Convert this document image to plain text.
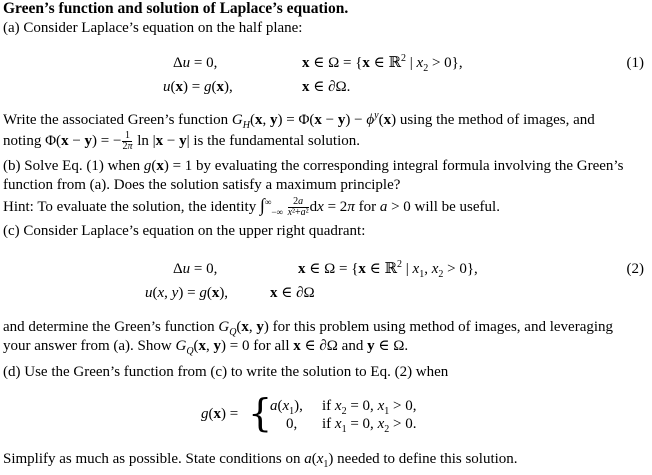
Green’s function and solution of Laplace’s equation.
(a) Consider Laplace’s equation on the half plane:
Δu = 0,	x ∈ Ω = {x ∈ ℝ$^2$ | $x_2 > 0$},	(1)
u(x) = g(x),	x ∈ ∂Ω.
Write the associated Green’s function $G_H(x$, $y) = \Phi(x - y) - \phi^y(x)$ using the method of images, and
noting Φ(x − y) = − $\frac{1}{2\pi}$ ln |x − y| is the fundamental solution.
(b) Solve Eq. (1) when g(x) = 1 by evaluating the corresponding integral formula involving the Green’s
function from (a). Does the solution satisfy a maximum principle?
Hint: To evaluate the solution, the identity $\int^\infty_{-\infty} \frac{2a}{\text{x²+a²}}$ dx = 2π for a > 0 will be useful.
(c) Consider Laplace’s equation on the upper right quadrant:
Δu = 0,	x ∈ Ω = {x ∈ ℝ$^2$ | $x_1$, $x_2 > 0$},	(2)
u(x, y) = g(x),	x ∈ ∂Ω
and determine the Green’s function $G_Q(x$, y) for this problem using method of images, and leveraging
your answer from (a). Show $G_Q(x$, y) = 0 for all x ∈ ∂Ω and y ∈ Ω.
(d) Use the Green’s function from (c) to write the solution to Eq. (2) when
g(x) = {
$a(x_1)$, if $x_2 = 0$, $x_1 > 0$,
0, if $x_1 = 0$, $x_2 > 0$.
Simplify as much as possible. State conditions on $a(x_1)$ needed to define this solution.
